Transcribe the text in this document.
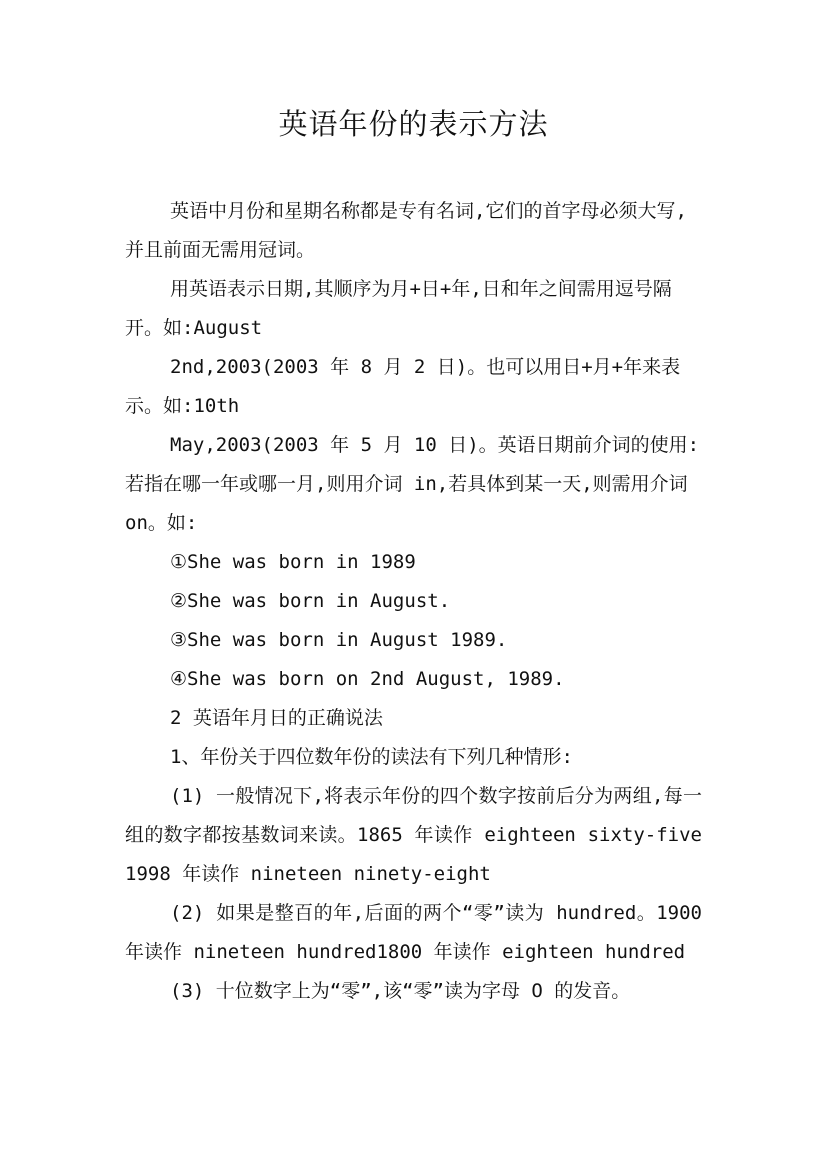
英语年份的表示方法

英语中月份和星期名称都是专有名词,它们的首字母必须大写,并且前面无需用冠词。

用英语表示日期,其顺序为月+日+年,日和年之间需用逗号隔开。如:August

2nd,2003(2003 年 8 月 2 日)。也可以用日+月+年来表示。如:10th

May,2003(2003 年 5 月 10 日)。英语日期前介词的使用:若指在哪一年或哪一月,则用介词 in,若具体到某一天,则需用介词 on。如:

①She was born in 1989

②She was born in August.

③She was born in August 1989.

④She was born on 2nd August, 1989.

2 英语年月日的正确说法

1、年份关于四位数年份的读法有下列几种情形:

(1) 一般情况下,将表示年份的四个数字按前后分为两组,每一组的数字都按基数词来读。1865 年读作 eighteen sixty-five1998 年读作 nineteen ninety-eight

(2) 如果是整百的年,后面的两个“零”读为 hundred。1900 年读作 nineteen hundred1800 年读作 eighteen hundred

(3) 十位数字上为“零”,该“零”读为字母 O 的发音。
